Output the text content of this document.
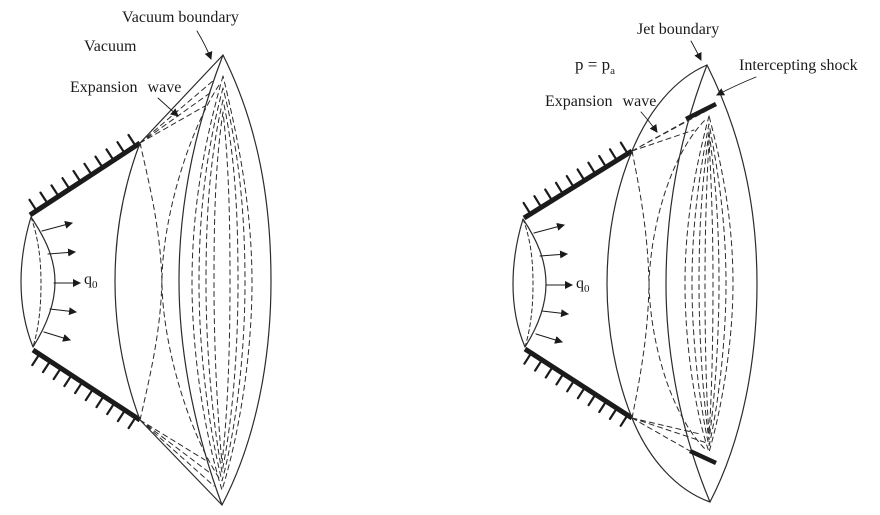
Vacuum boundary
Vacuum
Expansion wave
$q_0$
Jet boundary
$p = p_a$	Intercepting shock
Expansion wave
$q_0$
